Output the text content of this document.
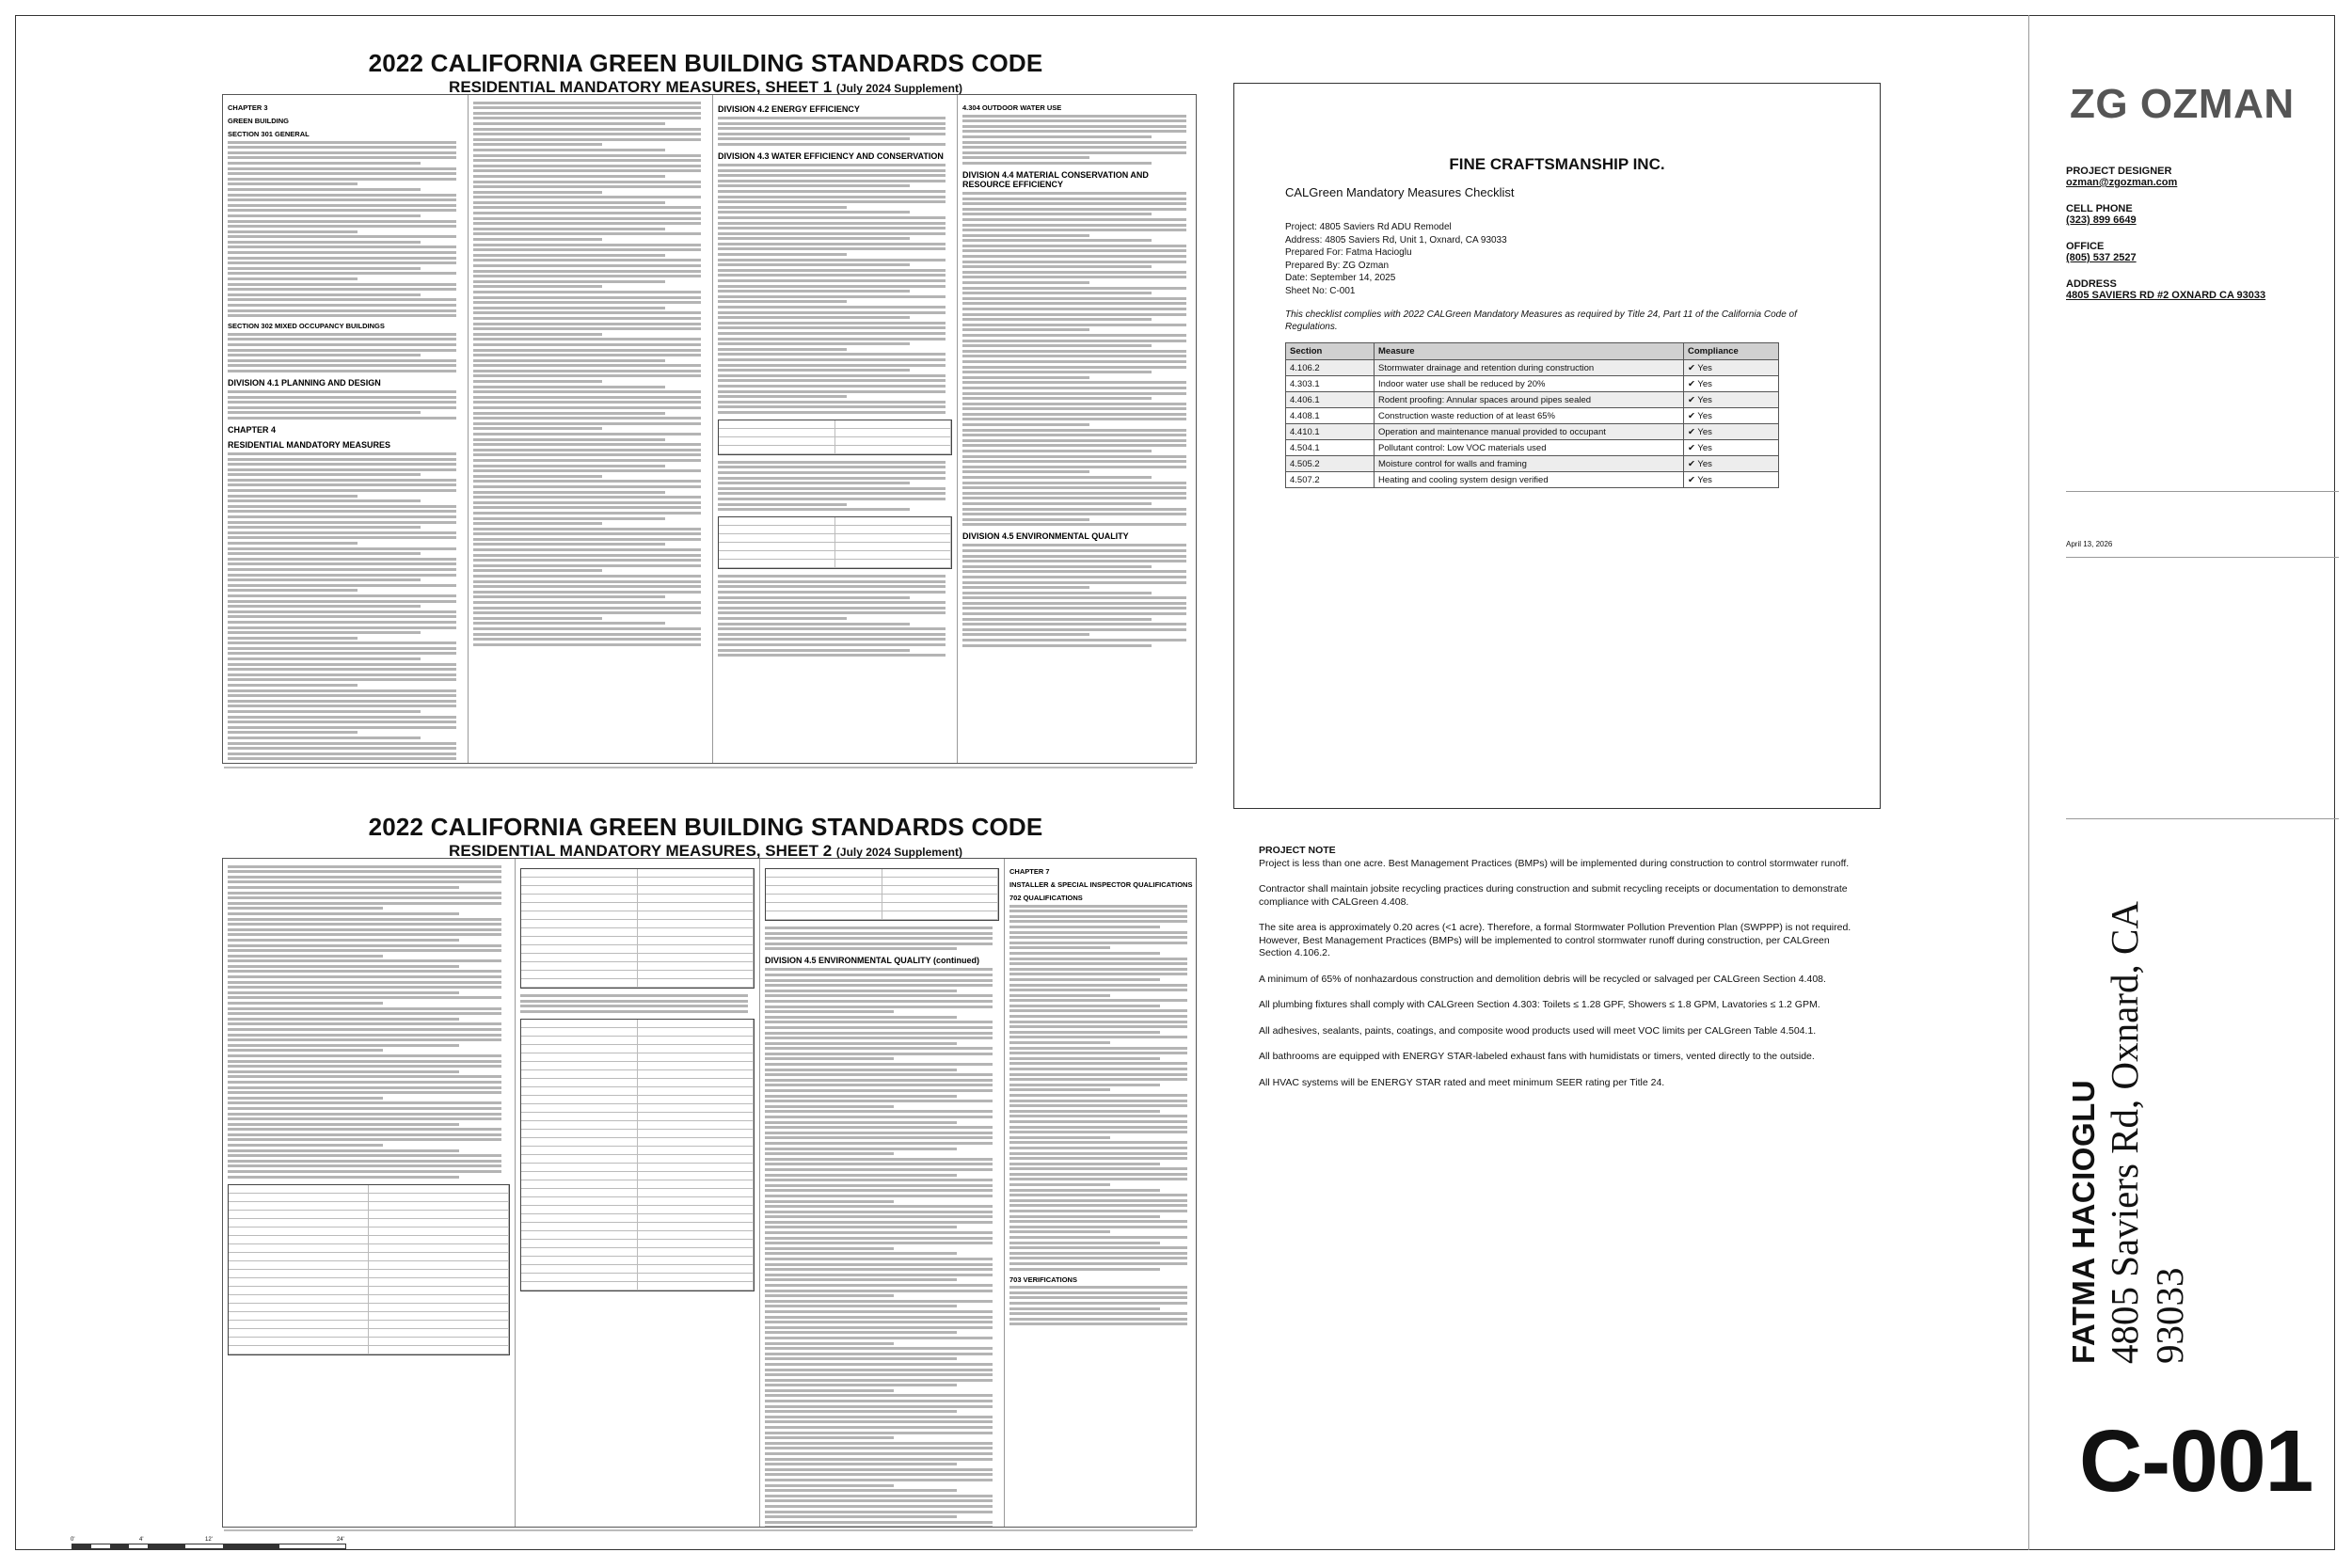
2022 CALIFORNIA GREEN BUILDING STANDARDS CODE
RESIDENTIAL MANDATORY MEASURES, SHEET 1 (July 2024 Supplement)
CHAPTER 3
GREEN BUILDING
SECTION 301 GENERAL
SECTION 302 MIXED OCCUPANCY BUILDINGS
DIVISION 4.1 PLANNING AND DESIGN
CHAPTER 4
RESIDENTIAL MANDATORY MEASURES
DIVISION 4.2 ENERGY EFFICIENCY
DIVISION 4.3 WATER EFFICIENCY AND CONSERVATION
4.304 OUTDOOR WATER USE
DIVISION 4.4 MATERIAL CONSERVATION AND RESOURCE EFFICIENCY
DIVISION 4.5 ENVIRONMENTAL QUALITY
2022 CALIFORNIA GREEN BUILDING STANDARDS CODE
RESIDENTIAL MANDATORY MEASURES, SHEET 2 (July 2024 Supplement)
DIVISION 4.5 ENVIRONMENTAL QUALITY (continued)
CHAPTER 7
INSTALLER & SPECIAL INSPECTOR QUALIFICATIONS
702 QUALIFICATIONS
703 VERIFICATIONS
0'	4'	12'	24'
FINE CRAFTSMANSHIP INC.
CALGreen Mandatory Measures Checklist
Project: 4805 Saviers Rd ADU Remodel
Address: 4805 Saviers Rd, Unit 1, Oxnard, CA 93033
Prepared For: Fatma Hacioglu
Prepared By: ZG Ozman
Date: September 14, 2025
Sheet No: C-001
This checklist complies with 2022 CALGreen Mandatory Measures as required by Title 24, Part 11 of the California Code of Regulations.
Section	Measure	Compliance
4.106.2	Stormwater drainage and retention during construction	✔ Yes
4.303.1	Indoor water use shall be reduced by 20%	✔ Yes
4.406.1	Rodent proofing: Annular spaces around pipes sealed	✔ Yes
4.408.1	Construction waste reduction of at least 65%	✔ Yes
4.410.1	Operation and maintenance manual provided to occupant	✔ Yes
4.504.1	Pollutant control: Low VOC materials used	✔ Yes
4.505.2	Moisture control for walls and framing	✔ Yes
4.507.2	Heating and cooling system design verified	✔ Yes

PROJECT NOTE

Project is less than one acre. Best Management Practices (BMPs) will be implemented during construction to control stormwater runoff.

Contractor shall maintain jobsite recycling practices during construction and submit recycling receipts or documentation to demonstrate compliance with CALGreen 4.408.

The site area is approximately 0.20 acres (<1 acre). Therefore, a formal Stormwater Pollution Prevention Plan (SWPPP) is not required. However, Best Management Practices (BMPs) will be implemented to control stormwater runoff during construction, per CALGreen Section 4.106.2.

A minimum of 65% of nonhazardous construction and demolition debris will be recycled or salvaged per CALGreen Section 4.408.

All plumbing fixtures shall comply with CALGreen Section 4.303: Toilets ≤ 1.28 GPF, Showers ≤ 1.8 GPM, Lavatories ≤ 1.2 GPM.

All adhesives, sealants, paints, coatings, and composite wood products used will meet VOC limits per CALGreen Table 4.504.1.

All bathrooms are equipped with ENERGY STAR-labeled exhaust fans with humidistats or timers, vented directly to the outside.

All HVAC systems will be ENERGY STAR rated and meet minimum SEER rating per Title 24.

ZG OZMAN
PROJECT DESIGNER
ozman@zgozman.com
CELL PHONE
(323) 899 6649
OFFICE
(805) 537 2527
ADDRESS
4805 SAVIERS RD #2 OXNARD CA 93033
April 13, 2026
FATMA HACIOGLU 4805 Saviers Rd, Oxnard, CA 93033
C-001
